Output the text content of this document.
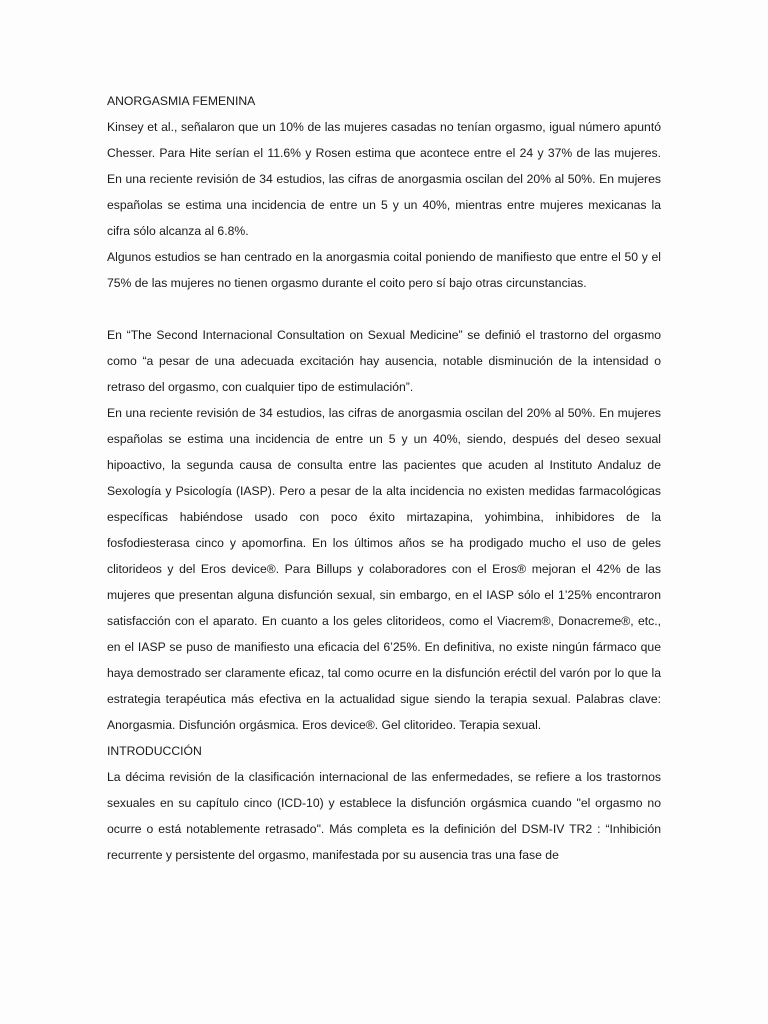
ANORGASMIA FEMENINA

Kinsey et al., señalaron que un 10% de las mujeres casadas no tenían orgasmo, igual número apuntó Chesser. Para Hite serían el 11.6% y Rosen estima que acontece entre el 24 y 37% de las mujeres. En una reciente revisión de 34 estudios, las cifras de anorgasmia oscilan del 20% al 50%. En mujeres españolas se estima una incidencia de entre un 5 y un 40%, mientras entre mujeres mexicanas la cifra sólo alcanza al 6.8%.

Algunos estudios se han centrado en la anorgasmia coital poniendo de manifiesto que entre el 50 y el 75% de las mujeres no tienen orgasmo durante el coito pero sí bajo otras circunstancias.

En “The Second Internacional Consultation on Sexual Medicine” se definió el trastorno del orgasmo como “a pesar de una adecuada excitación hay ausencia, notable disminución de la intensidad o retraso del orgasmo, con cualquier tipo de estimulación”.

En una reciente revisión de 34 estudios, las cifras de anorgasmia oscilan del 20% al 50%. En mujeres españolas se estima una incidencia de entre un 5 y un 40%, siendo, después del deseo sexual hipoactivo, la segunda causa de consulta entre las pacientes que acuden al Instituto Andaluz de Sexología y Psicología (IASP). Pero a pesar de la alta incidencia no existen medidas farmacológicas específicas habiéndose usado con poco éxito mirtazapina, yohimbina, inhibidores de la fosfodiesterasa cinco y apomorfina. En los últimos años se ha prodigado mucho el uso de geles clitorideos y del Eros device®. Para Billups y colaboradores con el Eros® mejoran el 42% de las mujeres que presentan alguna disfunción sexual, sin embargo, en el IASP sólo el 1’25% encontraron satisfacción con el aparato. En cuanto a los geles clitorideos, como el Viacrem®, Donacreme®, etc., en el IASP se puso de manifiesto una eficacia del 6’25%. En definitiva, no existe ningún fármaco que haya demostrado ser claramente eficaz, tal como ocurre en la disfunción eréctil del varón por lo que la estrategia terapéutica más efectiva en la actualidad sigue siendo la terapia sexual. Palabras clave: Anorgasmia. Disfunción orgásmica. Eros device®. Gel clitorideo. Terapia sexual.

INTRODUCCIÓN

La décima revisión de la clasificación internacional de las enfermedades, se refiere a los trastornos sexuales en su capítulo cinco (ICD-10) y establece la disfunción orgásmica cuando "el orgasmo no ocurre o está notablemente retrasado". Más completa es la definición del DSM-IV TR2 : “Inhibición recurrente y persistente del orgasmo, manifestada por su ausencia tras una fase de
